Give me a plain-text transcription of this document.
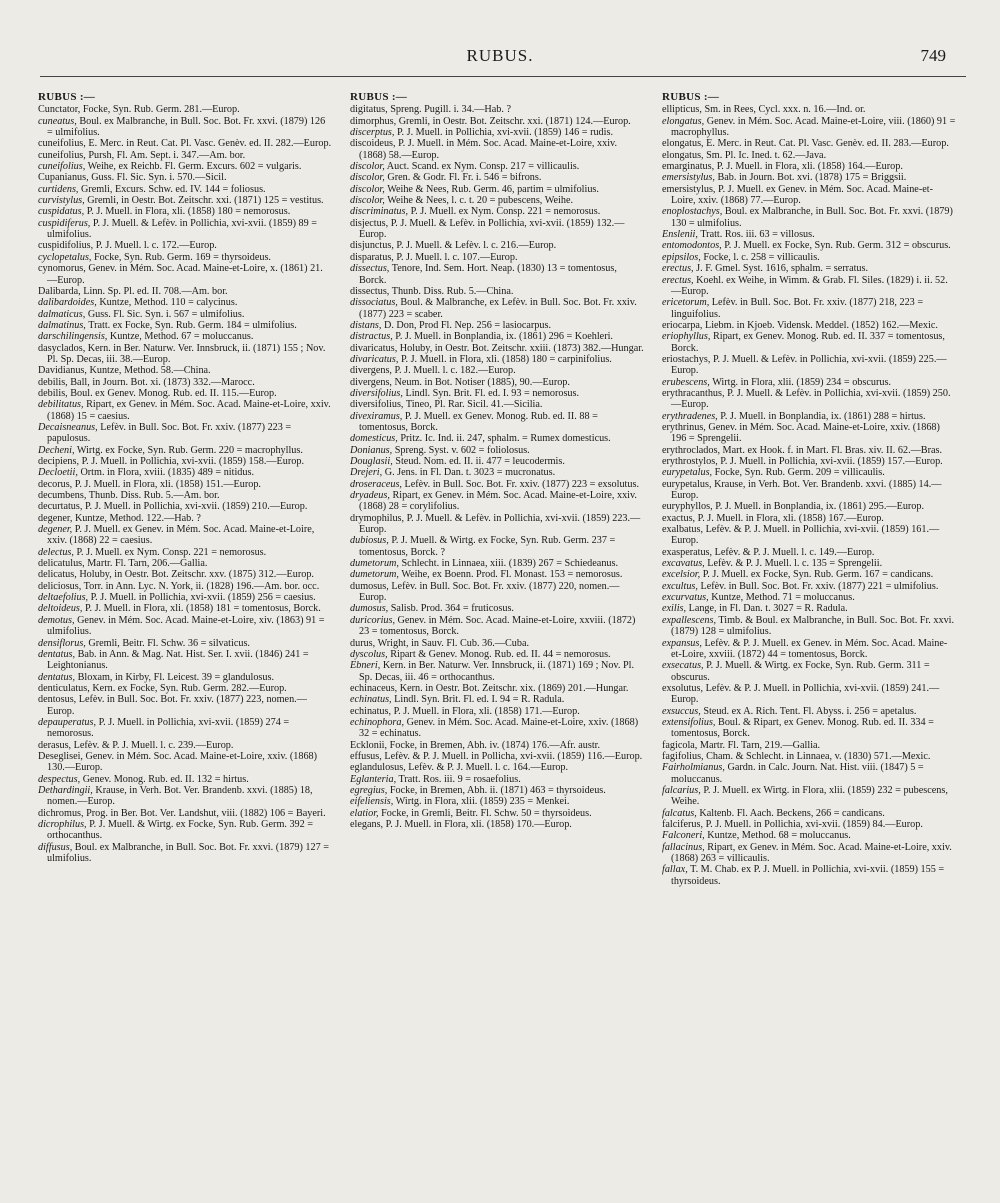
RUBUS.	749
RUBUS :—
Cunctator, Focke, Syn. Rub. Germ. 281.—Europ.
cuneatus, Boul. ex Malbranche, in Bull. Soc. Bot. Fr. xxvi. (1879) 126 = ulmifolius.
cuneifolius, E. Merc. in Reut. Cat. Pl. Vasc. Genèv. ed. II. 282.—Europ.
cuneifolius, Pursh, Fl. Am. Sept. i. 347.—Am. bor.
cuneifolius, Weihe, ex Reichb. Fl. Germ. Excurs. 602 = vulgaris.
Cupanianus, Guss. Fl. Sic. Syn. i. 570.—Sicil.
curtidens, Gremli, Excurs. Schw. ed. IV. 144 = foliosus.
curvistylus, Gremli, in Oestr. Bot. Zeitschr. xxi. (1871) 125 = vestitus.
cuspidatus, P. J. Muell. in Flora, xli. (1858) 180 = nemorosus.
cuspidiferus, P. J. Muell. & Lefèv. in Pollichia, xvi-xvii. (1859) 89 = ulmifolius.
cuspidifolius, P. J. Muell. l. c. 172.—Europ.
cyclopetalus, Focke, Syn. Rub. Germ. 169 = thyrsoideus.
cynomorus, Genev. in Mém. Soc. Acad. Maine-et-Loire, x. (1861) 21.—Europ.
Dalibarda, Linn. Sp. Pl. ed. II. 708.—Am. bor.
dalibardoides, Kuntze, Method. 110 = calycinus.
dalmaticus, Guss. Fl. Sic. Syn. i. 567 = ulmifolius.
dalmatinus, Tratt. ex Focke, Syn. Rub. Germ. 184 = ulmifolius.
darschilingensis, Kuntze, Method. 67 = moluccanus.
dasyclados, Kern. in Ber. Naturw. Ver. Innsbruck, ii. (1871) 155 ; Nov. Pl. Sp. Decas, iii. 38.—Europ.
Davidianus, Kuntze, Method. 58.—China.
debilis, Ball, in Journ. Bot. xi. (1873) 332.—Marocc.
debilis, Boul. ex Genev. Monog. Rub. ed. II. 115.—Europ.
debilitatus, Ripart, ex Genev. in Mém. Soc. Acad. Maine-et-Loire, xxiv. (1868) 15 = caesius.
Decaisneanus, Lefèv. in Bull. Soc. Bot. Fr. xxiv. (1877) 223 = papulosus.
Decheni, Wirtg. ex Focke, Syn. Rub. Germ. 220 = macrophyllus.
decipiens, P. J. Muell. in Pollichia, xvi-xvii. (1859) 158.—Europ.
Decloetii, Ortm. in Flora, xviii. (1835) 489 = nitidus.
decorus, P. J. Muell. in Flora, xli. (1858) 151.—Europ.
decumbens, Thunb. Diss. Rub. 5.—Am. bor.
decurtatus, P. J. Muell. in Pollichia, xvi-xvii. (1859) 210.—Europ.
degener, Kuntze, Method. 122.—Hab. ?
degener, P. J. Muell. ex Genev. in Mém. Soc. Acad. Maine-et-Loire, xxiv. (1868) 22 = caesius.
delectus, P. J. Muell. ex Nym. Consp. 221 = nemorosus.
delicatulus, Martr. Fl. Tarn, 206.—Gallia.
delicatus, Holuby, in Oestr. Bot. Zeitschr. xxv. (1875) 312.—Europ.
deliciosus, Torr. in Ann. Lyc. N. York, ii. (1828) 196.—Am. bor. occ.
deltaefolius, P. J. Muell. in Pollichia, xvi-xvii. (1859) 256 = caesius.
deltoideus, P. J. Muell. in Flora, xli. (1858) 181 = tomentosus, Borck.
demotus, Genev. in Mém. Soc. Acad. Maine-et-Loire, xiv. (1863) 91 = ulmifolius.
densiflorus, Gremli, Beitr. Fl. Schw. 36 = silvaticus.
dentatus, Bab. in Ann. & Mag. Nat. Hist. Ser. I. xvii. (1846) 241 = Leightonianus.
dentatus, Bloxam, in Kirby, Fl. Leicest. 39 = glandulosus.
denticulatus, Kern. ex Focke, Syn. Rub. Germ. 282.—Europ.
dentosus, Lefèv. in Bull. Soc. Bot. Fr. xxiv. (1877) 223, nomen.—Europ.
depauperatus, P. J. Muell. in Pollichia, xvi-xvii. (1859) 274 = nemorosus.
derasus, Lefèv. & P. J. Muell. l. c. 239.—Europ.
Deseglisei, Genev. in Mém. Soc. Acad. Maine-et-Loire, xxiv. (1868) 130.—Europ.
despectus, Genev. Monog. Rub. ed. II. 132 = hirtus.
Dethardingii, Krause, in Verh. Bot. Ver. Brandenb. xxvi. (1885) 18, nomen.—Europ.
dichromus, Prog. in Ber. Bot. Ver. Landshut, viii. (1882) 106 = Bayeri.
dicrophilus, P. J. Muell. & Wirtg. ex Focke, Syn. Rub. Germ. 392 = orthocanthus.
diffusus, Boul. ex Malbranche, in Bull. Soc. Bot. Fr. xxvi. (1879) 127 = ulmifolius.
RUBUS :—
digitatus, Spreng. Pugill. i. 34.—Hab. ?
dimorphus, Gremli, in Oestr. Bot. Zeitschr. xxi. (1871) 124.—Europ.
discerptus, P. J. Muell. in Pollichia, xvi-xvii. (1859) 146 = rudis.
discoideus, P. J. Muell. in Mém. Soc. Acad. Maine-et-Loire, xxiv. (1868) 58.—Europ.
discolor, Auct. Scand. ex Nym. Consp. 217 = villicaulis.
discolor, Gren. & Godr. Fl. Fr. i. 546 = bifrons.
discolor, Weihe & Nees, Rub. Germ. 46, partim = ulmifolius.
discolor, Weihe & Nees, l. c. t. 20 = pubescens, Weihe.
discriminatus, P. J. Muell. ex Nym. Consp. 221 = nemorosus.
disjectus, P. J. Muell. & Lefèv. in Pollichia, xvi-xvii. (1859) 132.—Europ.
disjunctus, P. J. Muell. & Lefèv. l. c. 216.—Europ.
disparatus, P. J. Muell. l. c. 107.—Europ.
dissectus, Tenore, Ind. Sem. Hort. Neap. (1830) 13 = tomentosus, Borck.
dissectus, Thunb. Diss. Rub. 5.—China.
dissociatus, Boul. & Malbranche, ex Lefèv. in Bull. Soc. Bot. Fr. xxiv. (1877) 223 = scaber.
distans, D. Don, Prod Fl. Nep. 256 = lasiocarpus.
distractus, P. J. Muell. in Bonplandia, ix. (1861) 296 = Koehleri.
divaricatus, Holuby, in Oestr. Bot. Zeitschr. xxiii. (1873) 382.—Hungar.
divaricatus, P. J. Muell. in Flora, xli. (1858) 180 = carpinifolius.
divergens, P. J. Muell. l. c. 182.—Europ.
divergens, Neum. in Bot. Notiser (1885), 90.—Europ.
diversifolius, Lindl. Syn. Brit. Fl. ed. I. 93 = nemorosus.
diversifolius, Tineo, Pl. Rar. Sicil. 41.—Sicilia.
divexiramus, P. J. Muell. ex Genev. Monog. Rub. ed. II. 88 = tomentosus, Borck.
domesticus, Pritz. Ic. Ind. ii. 247, sphalm. = Rumex domesticus.
Donianus, Spreng. Syst. v. 602 = foliolosus.
Douglasii, Steud. Nom. ed. II. ii. 477 = leucodermis.
Drejeri, G. Jens. in Fl. Dan. t. 3023 = mucronatus.
droseraceus, Lefèv. in Bull. Soc. Bot. Fr. xxiv. (1877) 223 = exsolutus.
dryadeus, Ripart, ex Genev. in Mém. Soc. Acad. Maine-et-Loire, xxiv. (1868) 28 = corylifolius.
drymophilus, P. J. Muell. & Lefèv. in Pollichia, xvi-xvii. (1859) 223.—Europ.
dubiosus, P. J. Muell. & Wirtg. ex Focke, Syn. Rub. Germ. 237 = tomentosus, Borck. ?
dumetorum, Schlecht. in Linnaea, xiii. (1839) 267 = Schiedeanus.
dumetorum, Weihe, ex Boenn. Prod. Fl. Monast. 153 = nemorosus.
dumosus, Lefèv. in Bull. Soc. Bot. Fr. xxiv. (1877) 220, nomen.—Europ.
dumosus, Salisb. Prod. 364 = fruticosus.
duricorius, Genev. in Mém. Soc. Acad. Maine-et-Loire, xxviii. (1872) 23 = tomentosus, Borck.
durus, Wright, in Sauv. Fl. Cub. 36.—Cuba.
dyscolus, Ripart & Genev. Monog. Rub. ed. II. 44 = nemorosus.
Ebneri, Kern. in Ber. Naturw. Ver. Innsbruck, ii. (1871) 169 ; Nov. Pl. Sp. Decas, iii. 46 = orthocanthus.
echinaceus, Kern. in Oestr. Bot. Zeitschr. xix. (1869) 201.—Hungar.
echinatus, Lindl. Syn. Brit. Fl. ed. I. 94 = R. Radula.
echinatus, P. J. Muell. in Flora, xli. (1858) 171.—Europ.
echinophora, Genev. in Mém. Soc. Acad. Maine-et-Loire, xxiv. (1868) 32 = echinatus.
Ecklonii, Focke, in Bremen, Abh. iv. (1874) 176.—Afr. austr.
effusus, Lefèv. & P. J. Muell. in Pollicha, xvi-xvii. (1859) 116.—Europ.
eglandulosus, Lefèv. & P. J. Muell. l. c. 164.—Europ.
Eglanteria, Tratt. Ros. iii. 9 = rosaefolius.
egregius, Focke, in Bremen, Abh. ii. (1871) 463 = thyrsoideus.
eifeliensis, Wirtg. in Flora, xlii. (1859) 235 = Menkei.
elatior, Focke, in Gremli, Beitr. Fl. Schw. 50 = thyrsoideus.
elegans, P. J. Muell. in Flora, xli. (1858) 170.—Europ.
RUBUS :—
ellipticus, Sm. in Rees, Cycl. xxx. n. 16.—Ind. or.
elongatus, Genev. in Mém. Soc. Acad. Maine-et-Loire, viii. (1860) 91 = macrophyllus.
elongatus, E. Merc. in Reut. Cat. Pl. Vasc. Genèv. ed. II. 283.—Europ.
elongatus, Sm. Pl. Ic. Ined. t. 62.—Java.
emarginatus, P. J. Muell. in Flora, xli. (1858) 164.—Europ.
emersistylus, Bab. in Journ. Bot. xvi. (1878) 175 = Briggsii.
emersistylus, P. J. Muell. ex Genev. in Mém. Soc. Acad. Maine-et-Loire, xxiv. (1868) 77.—Europ.
enoplostachys, Boul. ex Malbranche, in Bull. Soc. Bot. Fr. xxvi. (1879) 130 = ulmifolius.
Enslenii, Tratt. Ros. iii. 63 = villosus.
entomodontos, P. J. Muell. ex Focke, Syn. Rub. Germ. 312 = obscurus.
epipsilos, Focke, l. c. 258 = villicaulis.
erectus, J. F. Gmel. Syst. 1616, sphalm. = serratus.
erectus, Koehl. ex Weihe, in Wimm. & Grab. Fl. Siles. (1829) i. ii. 52.—Europ.
ericetorum, Lefèv. in Bull. Soc. Bot. Fr. xxiv. (1877) 218, 223 = linguifolius.
eriocarpa, Liebm. in Kjoeb. Vidensk. Meddel. (1852) 162.—Mexic.
eriophyllus, Ripart, ex Genev. Monog. Rub. ed. II. 337 = tomentosus, Borck.
eriostachys, P. J. Muell. & Lefèv. in Pollichia, xvi-xvii. (1859) 225.—Europ.
erubescens, Wirtg. in Flora, xlii. (1859) 234 = obscurus.
erythracanthus, P. J. Muell. & Lefèv. in Pollichia, xvi-xvii. (1859) 250.—Europ.
erythradenes, P. J. Muell. in Bonplandia, ix. (1861) 288 = hirtus.
erythrinus, Genev. in Mém. Soc. Acad. Maine-et-Loire, xxiv. (1868) 196 = Sprengelii.
erythroclados, Mart. ex Hook. f. in Mart. Fl. Bras. xiv. II. 62.—Bras.
erythrostylos, P. J. Muell. in Pollichia, xvi-xvii. (1859) 157.—Europ.
eurypetalus, Focke, Syn. Rub. Germ. 209 = villicaulis.
eurypetalus, Krause, in Verh. Bot. Ver. Brandenb. xxvi. (1885) 14.—Europ.
euryphyllos, P. J. Muell. in Bonplandia, ix. (1861) 295.—Europ.
exactus, P. J. Muell. in Flora, xli. (1858) 167.—Europ.
exalbatus, Lefèv. & P. J. Muell. in Pollichia, xvi-xvii. (1859) 161.—Europ.
exasperatus, Lefèv. & P. J. Muell. l. c. 149.—Europ.
excavatus, Lefèv. & P. J. Muell. l. c. 135 = Sprengelii.
excelsior, P. J. Muell. ex Focke, Syn. Rub. Germ. 167 = candicans.
excultus, Lefèv. in Bull. Soc. Bot. Fr. xxiv. (1877) 221 = ulmifolius.
excurvatus, Kuntze, Method. 71 = moluccanus.
exilis, Lange, in Fl. Dan. t. 3027 = R. Radula.
expallescens, Timb. & Boul. ex Malbranche, in Bull. Soc. Bot. Fr. xxvi. (1879) 128 = ulmifolius.
expansus, Lefèv. & P. J. Muell. ex Genev. in Mém. Soc. Acad. Maine-et-Loire, xxviii. (1872) 44 = tomentosus, Borck.
exsecatus, P. J. Muell. & Wirtg. ex Focke, Syn. Rub. Germ. 311 = obscurus.
exsolutus, Lefèv. & P. J. Muell. in Pollichia, xvi-xvii. (1859) 241.—Europ.
exsuccus, Steud. ex A. Rich. Tent. Fl. Abyss. i. 256 = apetalus.
extensifolius, Boul. & Ripart, ex Genev. Monog. Rub. ed. II. 334 = tomentosus, Borck.
fagicola, Martr. Fl. Tarn, 219.—Gallia.
fagifolius, Cham. & Schlecht. in Linnaea, v. (1830) 571.—Mexic.
Fairholmianus, Gardn. in Calc. Journ. Nat. Hist. viii. (1847) 5 = moluccanus.
falcarius, P. J. Muell. ex Wirtg. in Flora, xlii. (1859) 232 = pubescens, Weihe.
falcatus, Kaltenb. Fl. Aach. Beckens, 266 = candicans.
falciferus, P. J. Muell. in Pollichia, xvi-xvii. (1859) 84.—Europ.
Falconeri, Kuntze, Method. 68 = moluccanus.
fallacinus, Ripart, ex Genev. in Mém. Soc. Acad. Maine-et-Loire, xxiv. (1868) 263 = villicaulis.
fallax, T. M. Chab. ex P. J. Muell. in Pollichia, xvi-xvii. (1859) 155 = thyrsoideus.
